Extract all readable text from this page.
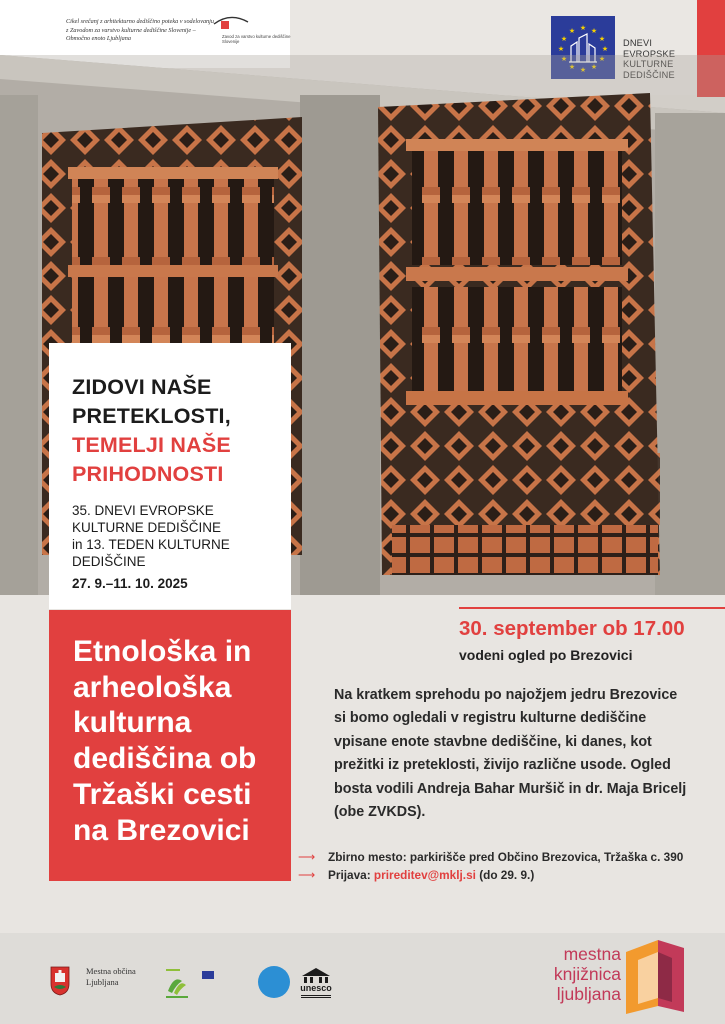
Cikel srečanj z arhitekturno dediščino poteka v sodelovanju z Zavodom za varstvo kulturne dediščine Slovenije – Območno enoto Ljubljana	Zavod za varstvo kulturne dediščine Slovenije
★ ★
★
★
★
★
★
★
★
★
★
★
DNEVI
EVROPSKE
KULTURNE
DEDIŠČINE
ZIDOVI NAŠE PRETEKLOSTI,
TEMELJI NAŠE PRIHODNOSTI
35. DNEVI EVROPSKE KULTURNE DEDIŠČINE
in 13. TEDEN KULTURNE DEDIŠČINE
27. 9.–11. 10. 2025
Etnološka in arheološka kulturna dediščina ob Tržaški cesti na Brezovici
30. september ob 17.00
vodeni ogled po Brezovici
Na kratkem sprehodu po najožjem jedru Brezovice si bomo ogledali v registru kulturne dediščine vpisane enote stavbne dediščine, ki danes, kot prežitki iz preteklosti, živijo različne usode. Ogled bosta vodili Andreja Bahar Muršič in dr. Maja Bricelj (obe ZVKDS).
⟶ Zbirno mesto: parkirišče pred Občino Brezovica, Tržaška c. 390
⟶ Prijava: prireditev@mklj.si (do 29. 9.)
Mestna občina
Ljubljana
unesco
mestna
knjižnica
ljubljana
